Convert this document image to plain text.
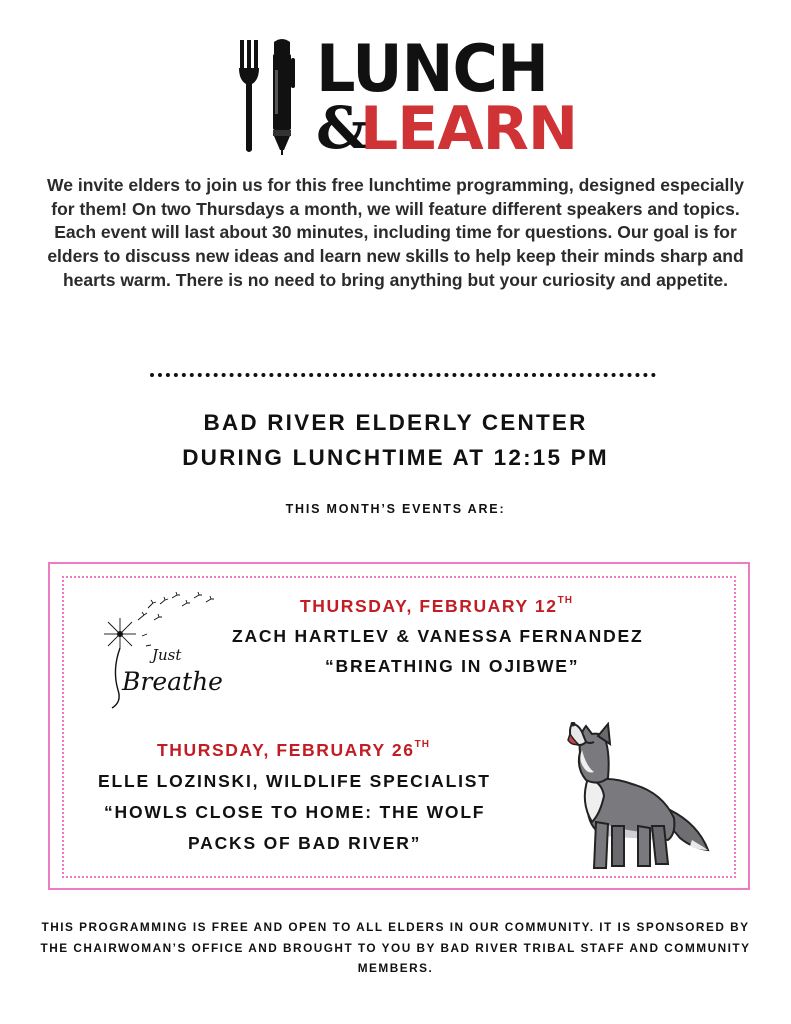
LUNCH
&
LEARN
We invite elders to join us for this free lunchtime programming, designed especially for them! On two Thursdays a month, we will feature different speakers and topics. Each event will last about 30 minutes, including time for questions. Our goal is for elders to discuss new ideas and learn new skills to help keep their minds sharp and hearts warm. There is no need to bring anything but your curiosity and appetite.
BAD RIVER ELDERLY CENTER
DURING LUNCHTIME AT 12:15 PM
THIS MONTH’S EVENTS ARE:
Just
Breathe
THURSDAY, FEBRUARY 12TH
ZACH HARTLEV & VANESSA FERNANDEZ
“BREATHING IN OJIBWE”
THURSDAY, FEBRUARY 26TH
ELLE LOZINSKI, WILDLIFE SPECIALIST
“HOWLS CLOSE TO HOME: THE WOLF
PACKS OF BAD RIVER”
THIS PROGRAMMING IS FREE AND OPEN TO ALL ELDERS IN OUR COMMUNITY. IT IS SPONSORED BY THE CHAIRWOMAN’S OFFICE AND BROUGHT TO YOU BY BAD RIVER TRIBAL STAFF AND COMMUNITY MEMBERS.
